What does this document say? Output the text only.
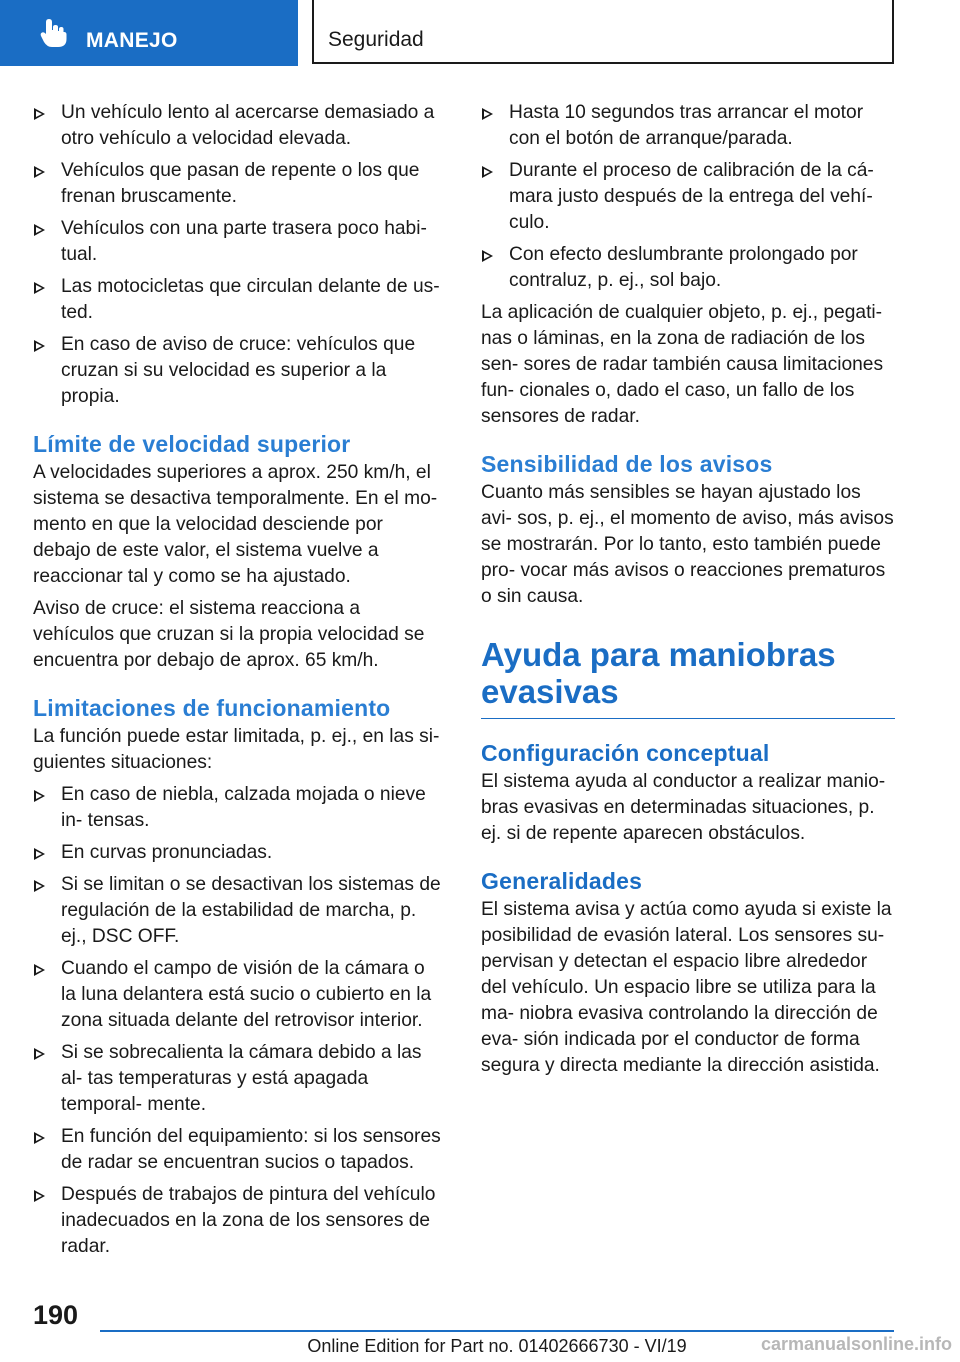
MANEJO	Seguridad
Un vehículo lento al acercarse demasiado a otro vehículo a velocidad elevada.
Vehículos que pasan de repente o los que frenan bruscamente.
Vehículos con una parte trasera poco habi‐ tual.
Las motocicletas que circulan delante de us‐ ted.
En caso de aviso de cruce: vehículos que cruzan si su velocidad es superior a la propia.
Límite de velocidad superior

A velocidades superiores a aprox. 250 km/h, el sistema se desactiva temporalmente. En el mo‐ mento en que la velocidad desciende por debajo de este valor, el sistema vuelve a reaccionar tal y como se ha ajustado.

Aviso de cruce: el sistema reacciona a vehículos que cruzan si la propia velocidad se encuentra por debajo de aprox. 65 km/h.

Limitaciones de funcionamiento

La función puede estar limitada, p. ej., en las si‐ guientes situaciones:

En caso de niebla, calzada mojada o nieve in‐ tensas.
En curvas pronunciadas.
Si se limitan o se desactivan los sistemas de regulación de la estabilidad de marcha, p. ej., DSC OFF.
Cuando el campo de visión de la cámara o la luna delantera está sucio o cubierto en la zona situada delante del retrovisor interior.
Si se sobrecalienta la cámara debido a las al‐ tas temperaturas y está apagada temporal‐ mente.
En función del equipamiento: si los sensores de radar se encuentran sucios o tapados.
Después de trabajos de pintura del vehículo inadecuados en la zona de los sensores de radar.
Hasta 10 segundos tras arrancar el motor con el botón de arranque/parada.
Durante el proceso de calibración de la cá‐ mara justo después de la entrega del vehí‐ culo.
Con efecto deslumbrante prolongado por contraluz, p. ej., sol bajo.

La aplicación de cualquier objeto, p. ej., pegati‐ nas o láminas, en la zona de radiación de los sen‐ sores de radar también causa limitaciones fun‐ cionales o, dado el caso, un fallo de los sensores de radar.

Sensibilidad de los avisos

Cuanto más sensibles se hayan ajustado los avi‐ sos, p. ej., el momento de aviso, más avisos se mostrarán. Por lo tanto, esto también puede pro‐ vocar más avisos o reacciones prematuros o sin causa.

Ayuda para maniobras evasivas
Configuración conceptual

El sistema ayuda al conductor a realizar manio‐ bras evasivas en determinadas situaciones, p. ej. si de repente aparecen obstáculos.

Generalidades

El sistema avisa y actúa como ayuda si existe la posibilidad de evasión lateral. Los sensores su‐ pervisan y detectan el espacio libre alrededor del vehículo. Un espacio libre se utiliza para la ma‐ niobra evasiva controlando la dirección de eva‐ sión indicada por el conductor de forma segura y directa mediante la dirección asistida.

190
Online Edition for Part no. 01402666730 - VI/19	carmanualsonline.info
